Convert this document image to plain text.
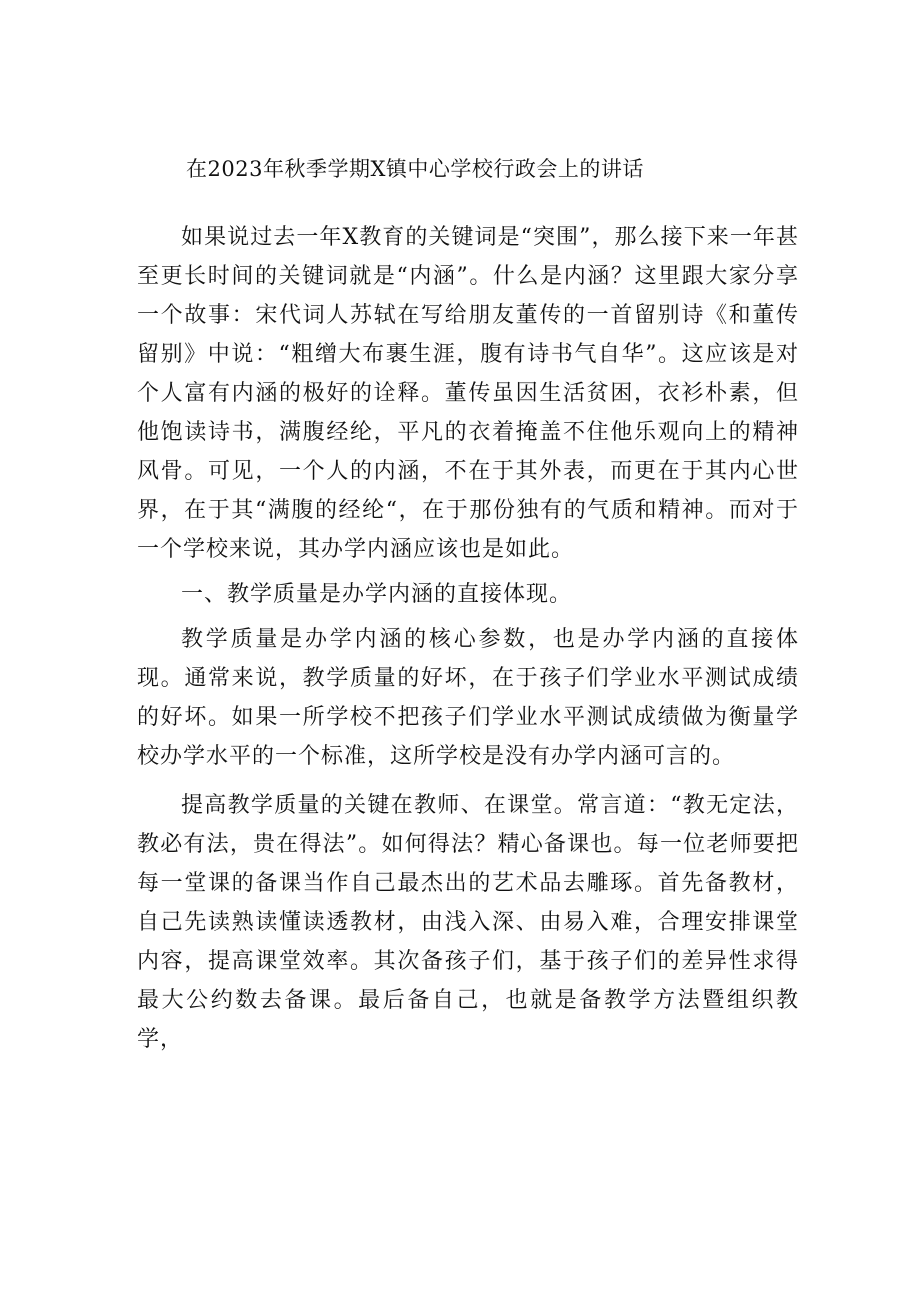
在2023年秋季学期X镇中心学校行政会上的讲话

如果说过去一年X教育的关键词是“突围”，那么接下来一年甚至更长时间的关键词就是“内涵”。什么是内涵？这里跟大家分享一个故事：宋代词人苏轼在写给朋友董传的一首留别诗《和董传留别》中说：“粗缯大布裹生涯，腹有诗书气自华”。这应该是对个人富有内涵的极好的诠释。董传虽因生活贫困，衣衫朴素，但他饱读诗书，满腹经纶，平凡的衣着掩盖不住他乐观向上的精神风骨。可见，一个人的内涵，不在于其外表，而更在于其内心世界，在于其“满腹的经纶“，在于那份独有的气质和精神。而对于一个学校来说，其办学内涵应该也是如此。

一、教学质量是办学内涵的直接体现。

教学质量是办学内涵的核心参数，也是办学内涵的直接体现。通常来说，教学质量的好坏，在于孩子们学业水平测试成绩的好坏。如果一所学校不把孩子们学业水平测试成绩做为衡量学校办学水平的一个标准，这所学校是没有办学内涵可言的。

提高教学质量的关键在教师、在课堂。常言道：“教无定法，教必有法，贵在得法”。如何得法？精心备课也。每一位老师要把每一堂课的备课当作自己最杰出的艺术品去雕琢。首先备教材，自己先读熟读懂读透教材，由浅入深、由易入难，合理安排课堂内容，提高课堂效率。其次备孩子们，基于孩子们的差异性求得最大公约数去备课。最后备自己，也就是备教学方法暨组织教学，
